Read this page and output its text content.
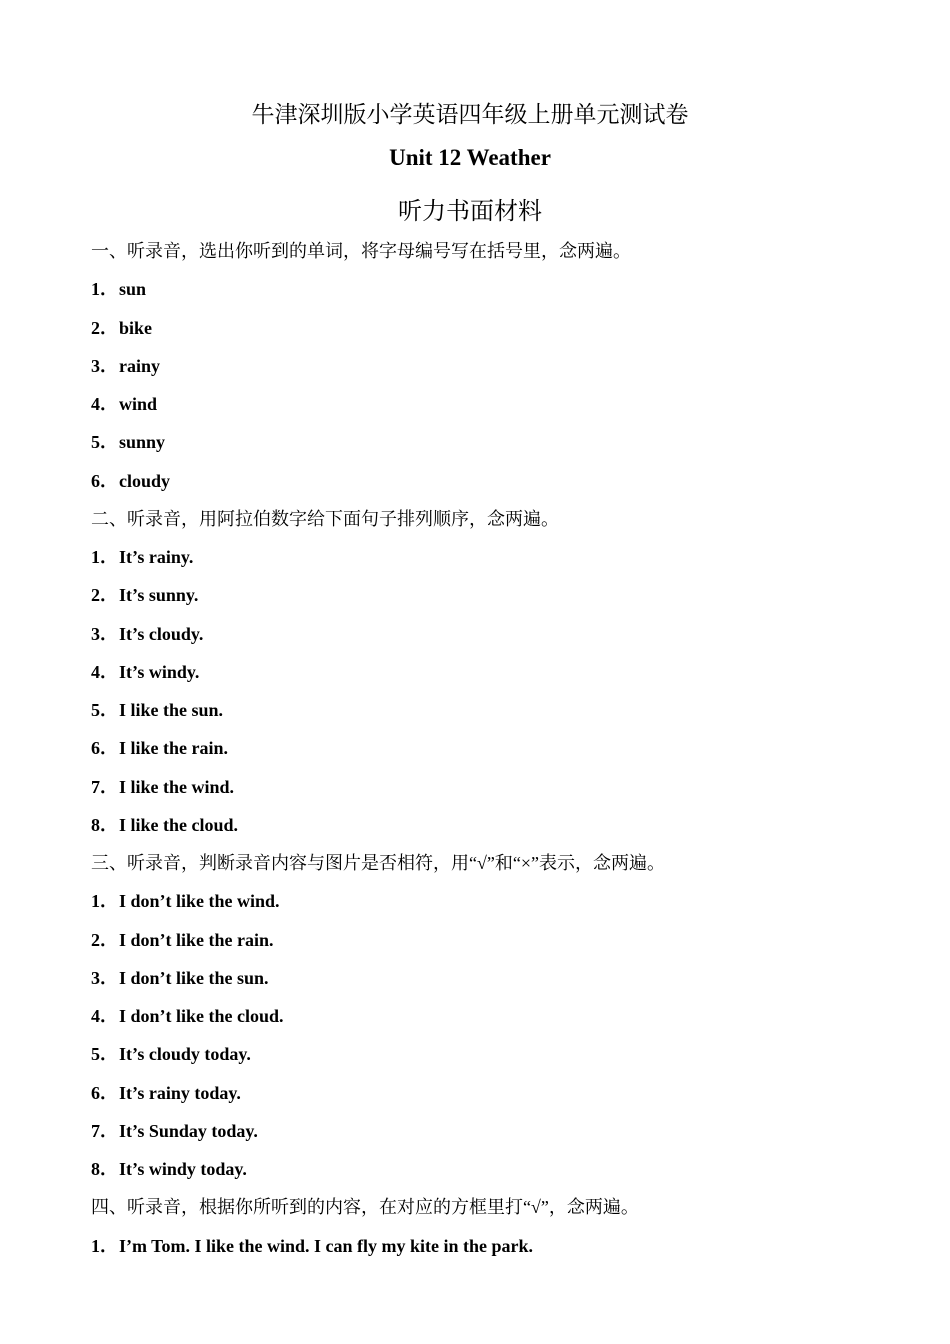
牛津深圳版小学英语四年级上册单元测试卷
Unit 12 Weather
听力书面材料
一、听录音，选出你听到的单词，将字母编号写在括号里，念两遍。
1．sun
2．bike
3．rainy
4．wind
5．sunny
6．cloudy
二、听录音，用阿拉伯数字给下面句子排列顺序，念两遍。
1．It’s rainy.
2．It’s sunny.
3．It’s cloudy.
4．It’s windy.
5．I like the sun.
6．I like the rain.
7．I like the wind.
8．I like the cloud.
三、听录音，判断录音内容与图片是否相符，用“√”和“×”表示，念两遍。
1．I don’t like the wind.
2．I don’t like the rain.
3．I don’t like the sun.
4．I don’t like the cloud.
5．It’s cloudy today.
6．It’s rainy today.
7．It’s Sunday today.
8．It’s windy today.
四、听录音，根据你所听到的内容，在对应的方框里打“√”，念两遍。
1．I’m Tom. I like the wind. I can fly my kite in the park.
